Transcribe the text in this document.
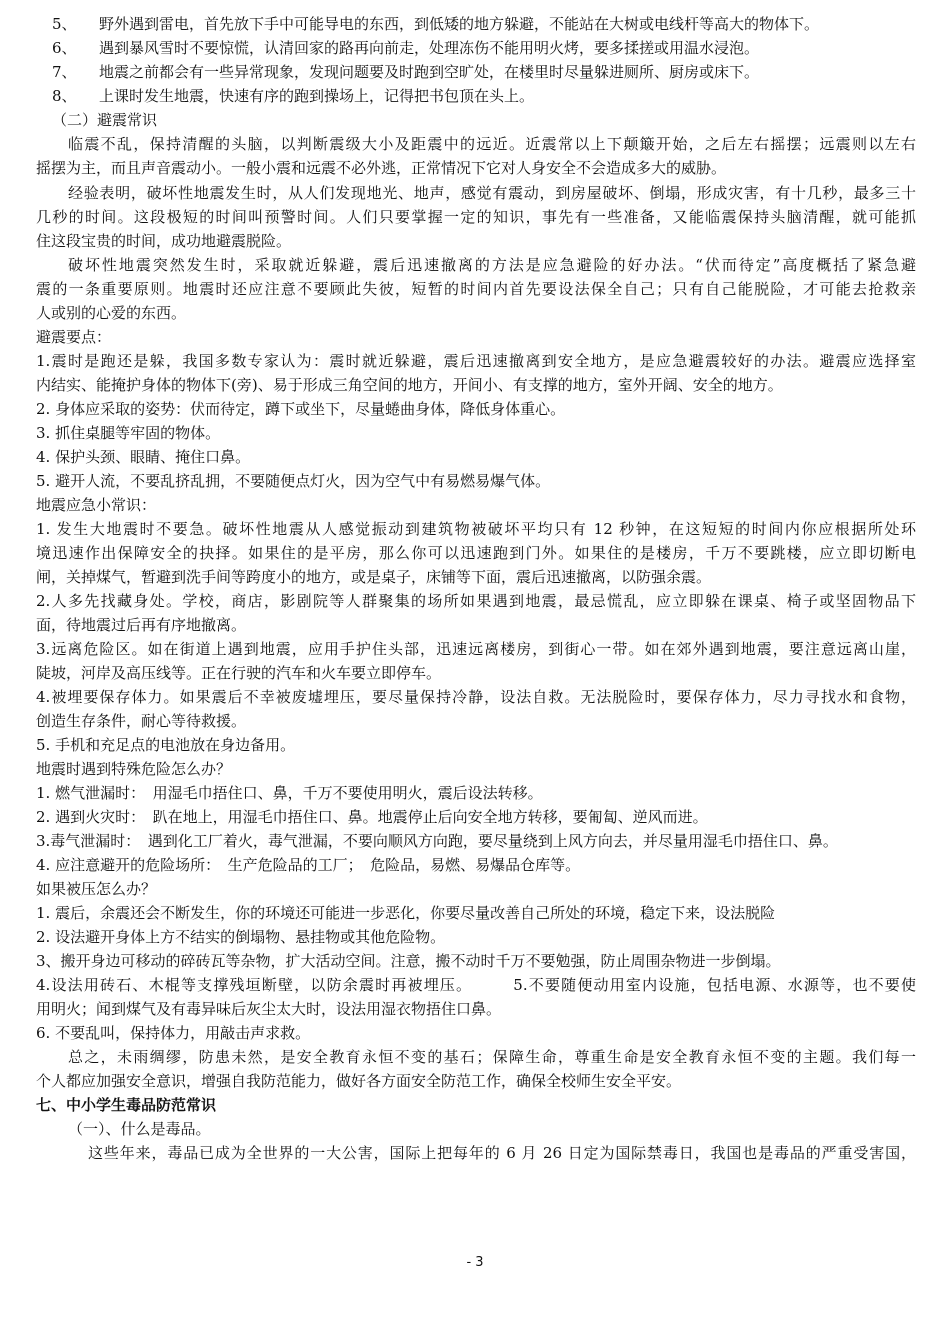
5、　　野外遇到雷电，首先放下手中可能导电的东西，到低矮的地方躲避，不能站在大树或电线杆等高大的物体下。
6、　　遇到暴风雪时不要惊慌，认清回家的路再向前走，处理冻伤不能用明火烤，要多揉搓或用温水浸泡。
7、　　地震之前都会有一些异常现象，发现问题要及时跑到空旷处，在楼里时尽量躲进厕所、厨房或床下。
8、　　上课时发生地震，快速有序的跑到操场上，记得把书包顶在头上。
（二）避震常识
临震不乱，保持清醒的头脑，以判断震级大小及距震中的远近。近震常以上下颠簸开始，之后左右摇摆；远震则以左右
摇摆为主，而且声音震动小。一般小震和远震不必外逃，正常情况下它对人身安全不会造成多大的威胁。
经验表明，破坏性地震发生时，从人们发现地光、地声，感觉有震动，到房屋破坏、倒塌，形成灾害，有十几秒，最多三十
几秒的时间。这段极短的时间叫预警时间。人们只要掌握一定的知识，事先有一些准备，又能临震保持头脑清醒，就可能抓
住这段宝贵的时间，成功地避震脱险。
破坏性地震突然发生时，采取就近躲避，震后迅速撤离的方法是应急避险的好办法。“伏而待定”高度概括了紧急避
震的一条重要原则。地震时还应注意不要顾此失彼，短暂的时间内首先要设法保全自己；只有自己能脱险，才可能去抢救亲
人或别的心爱的东西。
避震要点：
1.震时是跑还是躲，我国多数专家认为：震时就近躲避，震后迅速撤离到安全地方，是应急避震较好的办法。避震应选择室
内结实、能掩护身体的物体下(旁)、易于形成三角空间的地方，开间小、有支撑的地方，室外开阔、安全的地方。
2. 身体应采取的姿势：伏而待定，蹲下或坐下，尽量蜷曲身体，降低身体重心。
3. 抓住桌腿等牢固的物体。
4. 保护头颈、眼睛、掩住口鼻。
5. 避开人流，不要乱挤乱拥，不要随便点灯火，因为空气中有易燃易爆气体。
地震应急小常识：
1. 发生大地震时不要急。破坏性地震从人感觉振动到建筑物被破坏平均只有 12 秒钟，在这短短的时间内你应根据所处环
境迅速作出保障安全的抉择。如果住的是平房，那么你可以迅速跑到门外。如果住的是楼房，千万不要跳楼，应立即切断电
闸，关掉煤气，暂避到洗手间等跨度小的地方，或是桌子，床铺等下面，震后迅速撤离，以防强余震。
2.人多先找藏身处。学校，商店，影剧院等人群聚集的场所如果遇到地震，最忌慌乱，应立即躲在课桌、椅子或坚固物品下
面，待地震过后再有序地撤离。
3.远离危险区。如在街道上遇到地震，应用手护住头部，迅速远离楼房，到街心一带。如在郊外遇到地震，要注意远离山崖，
陡坡，河岸及高压线等。正在行驶的汽车和火车要立即停车。
4.被埋要保存体力。如果震后不幸被废墟埋压，要尽量保持冷静，设法自救。无法脱险时，要保存体力，尽力寻找水和食物，
创造生存条件，耐心等待救援。
5. 手机和充足点的电池放在身边备用。
地震时遇到特殊危险怎么办？
1. 燃气泄漏时：　用湿毛巾捂住口、鼻，千万不要使用明火，震后设法转移。
2. 遇到火灾时：　趴在地上，用湿毛巾捂住口、鼻。地震停止后向安全地方转移，要匍匐、逆风而进。
3.毒气泄漏时：　遇到化工厂着火，毒气泄漏，不要向顺风方向跑，要尽量绕到上风方向去，并尽量用湿毛巾捂住口、鼻。
4. 应注意避开的危险场所：　生产危险品的工厂；　危险品，易燃、易爆品仓库等。
如果被压怎么办？
1. 震后，余震还会不断发生，你的环境还可能进一步恶化，你要尽量改善自己所处的环境，稳定下来，设法脱险
2. 设法避开身体上方不结实的倒塌物、悬挂物或其他危险物。
3、搬开身边可移动的碎砖瓦等杂物，扩大活动空间。注意，搬不动时千万不要勉强，防止周围杂物进一步倒塌。
4.设法用砖石、木棍等支撑残垣断壁，以防余震时再被埋压。　　　5.不要随便动用室内设施，包括电源、水源等，也不要使
用明火；闻到煤气及有毒异味后灰尘太大时，设法用湿衣物捂住口鼻。
6. 不要乱叫，保持体力，用敲击声求救。
总之，未雨绸缪，防患未然，是安全教育永恒不变的基石；保障生命，尊重生命是安全教育永恒不变的主题。我们每一
个人都应加强安全意识，增强自我防范能力，做好各方面安全防范工作，确保全校师生安全平安。
七、中小学生毒品防范常识
（一）、什么是毒品。
这些年来，毒品已成为全世界的一大公害，国际上把每年的 6 月 26 日定为国际禁毒日，我国也是毒品的严重受害国，
- 3
